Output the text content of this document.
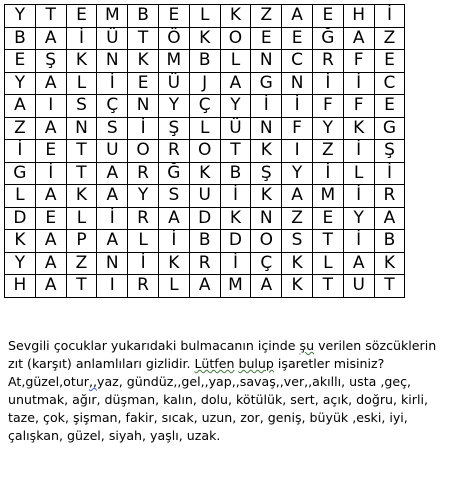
Y	T	E	M	B	E	L	K	Z	A	E	H	İ
B	A	İ	Ü	T	Ö	K	O	E	E	Ğ	A	Z
E	Ş	K	N	K	M	B	L	N	C	R	F	E
Y	A	L	İ	E	Ü	J	A	G	N	İ	İ	C
A	I	S	Ç	N	Y	Ç	Y	İ	İ	F	F	E
Z	A	N	S	İ	Ş	L	Ü	N	F	Y	K	G
İ	E	T	U	O	R	O	T	K	I	Z	İ	Ş
G	İ	T	A	R	Ğ	K	B	Ş	Y	İ	L	İ
L	A	K	A	Y	S	U	İ	K	A	M	İ	R
D	E	L	İ	R	A	D	K	N	Z	E	Y	A
K	A	P	A	L	İ	B	D	O	S	T	İ	B
Y	A	Z	N	İ	K	R	İ	Ç	K	L	A	K
H	A	T	I	R	L	A	M	A	K	T	U	T
Sevgili çocuklar yukarıdaki bulmacanın içinde şu verilen sözcüklerin zıt (karşıt) anlamlıları gizlidir. Lütfen bulup işaretler misiniz?
At,güzel,otur,,yaz, gündüz,,gel,,yap,,savaş,,ver,,akıllı, usta ,geç, unutmak, ağır, düşman, kalın, dolu, kötülük, sert, açık, doğru, kirli, taze, çok, şişman, fakir, sıcak, uzun, zor, geniş, büyük ,eski, iyi, çalışkan, güzel, siyah, yaşlı, uzak.
